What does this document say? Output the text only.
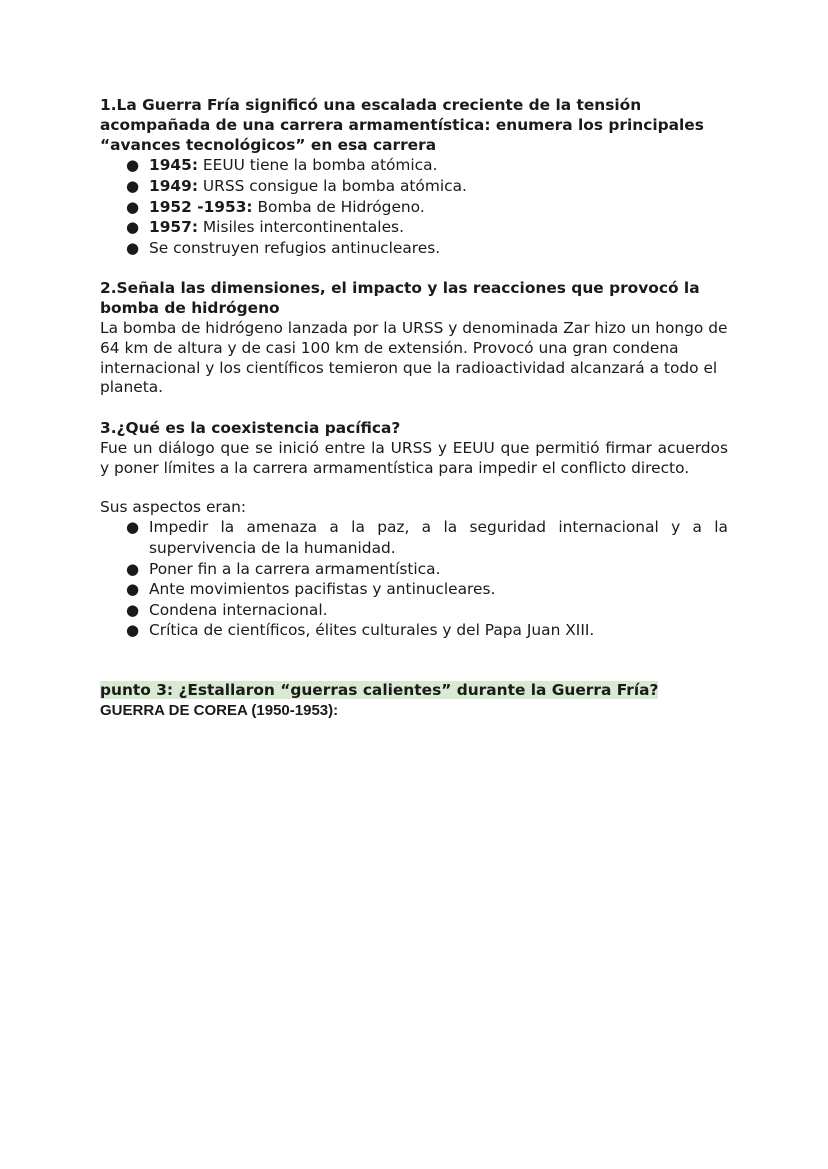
1.La Guerra Fría significó una escalada creciente de la tensión acompañada de una carrera armamentística: enumera los principales “avances tecnológicos” en esa carrera

● 1945: EEUU tiene la bomba atómica.
● 1949: URSS consigue la bomba atómica.
● 1952 -1953: Bomba de Hidrógeno.
● 1957: Misiles intercontinentales.
● Se construyen refugios antinucleares.

2.Señala las dimensiones, el impacto y las reacciones que provocó la bomba de hidrógeno

La bomba de hidrógeno lanzada por la URSS y denominada Zar hizo un hongo de 64 km de altura y de casi 100 km de extensión. Provocó una gran condena internacional y los científicos temieron que la radioactividad alcanzará a todo el planeta.

3.¿Qué es la coexistencia pacífica?

Fue un diálogo que se inició entre la URSS y EEUU que permitió firmar acuerdos y poner límites a la carrera armamentística para impedir el conflicto directo.

Sus aspectos eran:

● Impedir la amenaza a la paz, a la seguridad internacional y a la supervivencia de la humanidad.
● Poner fin a la carrera armamentística.
● Ante movimientos pacifistas y antinucleares.
● Condena internacional.
● Crítica de científicos, élites culturales y del Papa Juan XIII.

punto 3: ¿Estallaron “guerras calientes” durante la Guerra Fría?

GUERRA DE COREA (1950-1953):
